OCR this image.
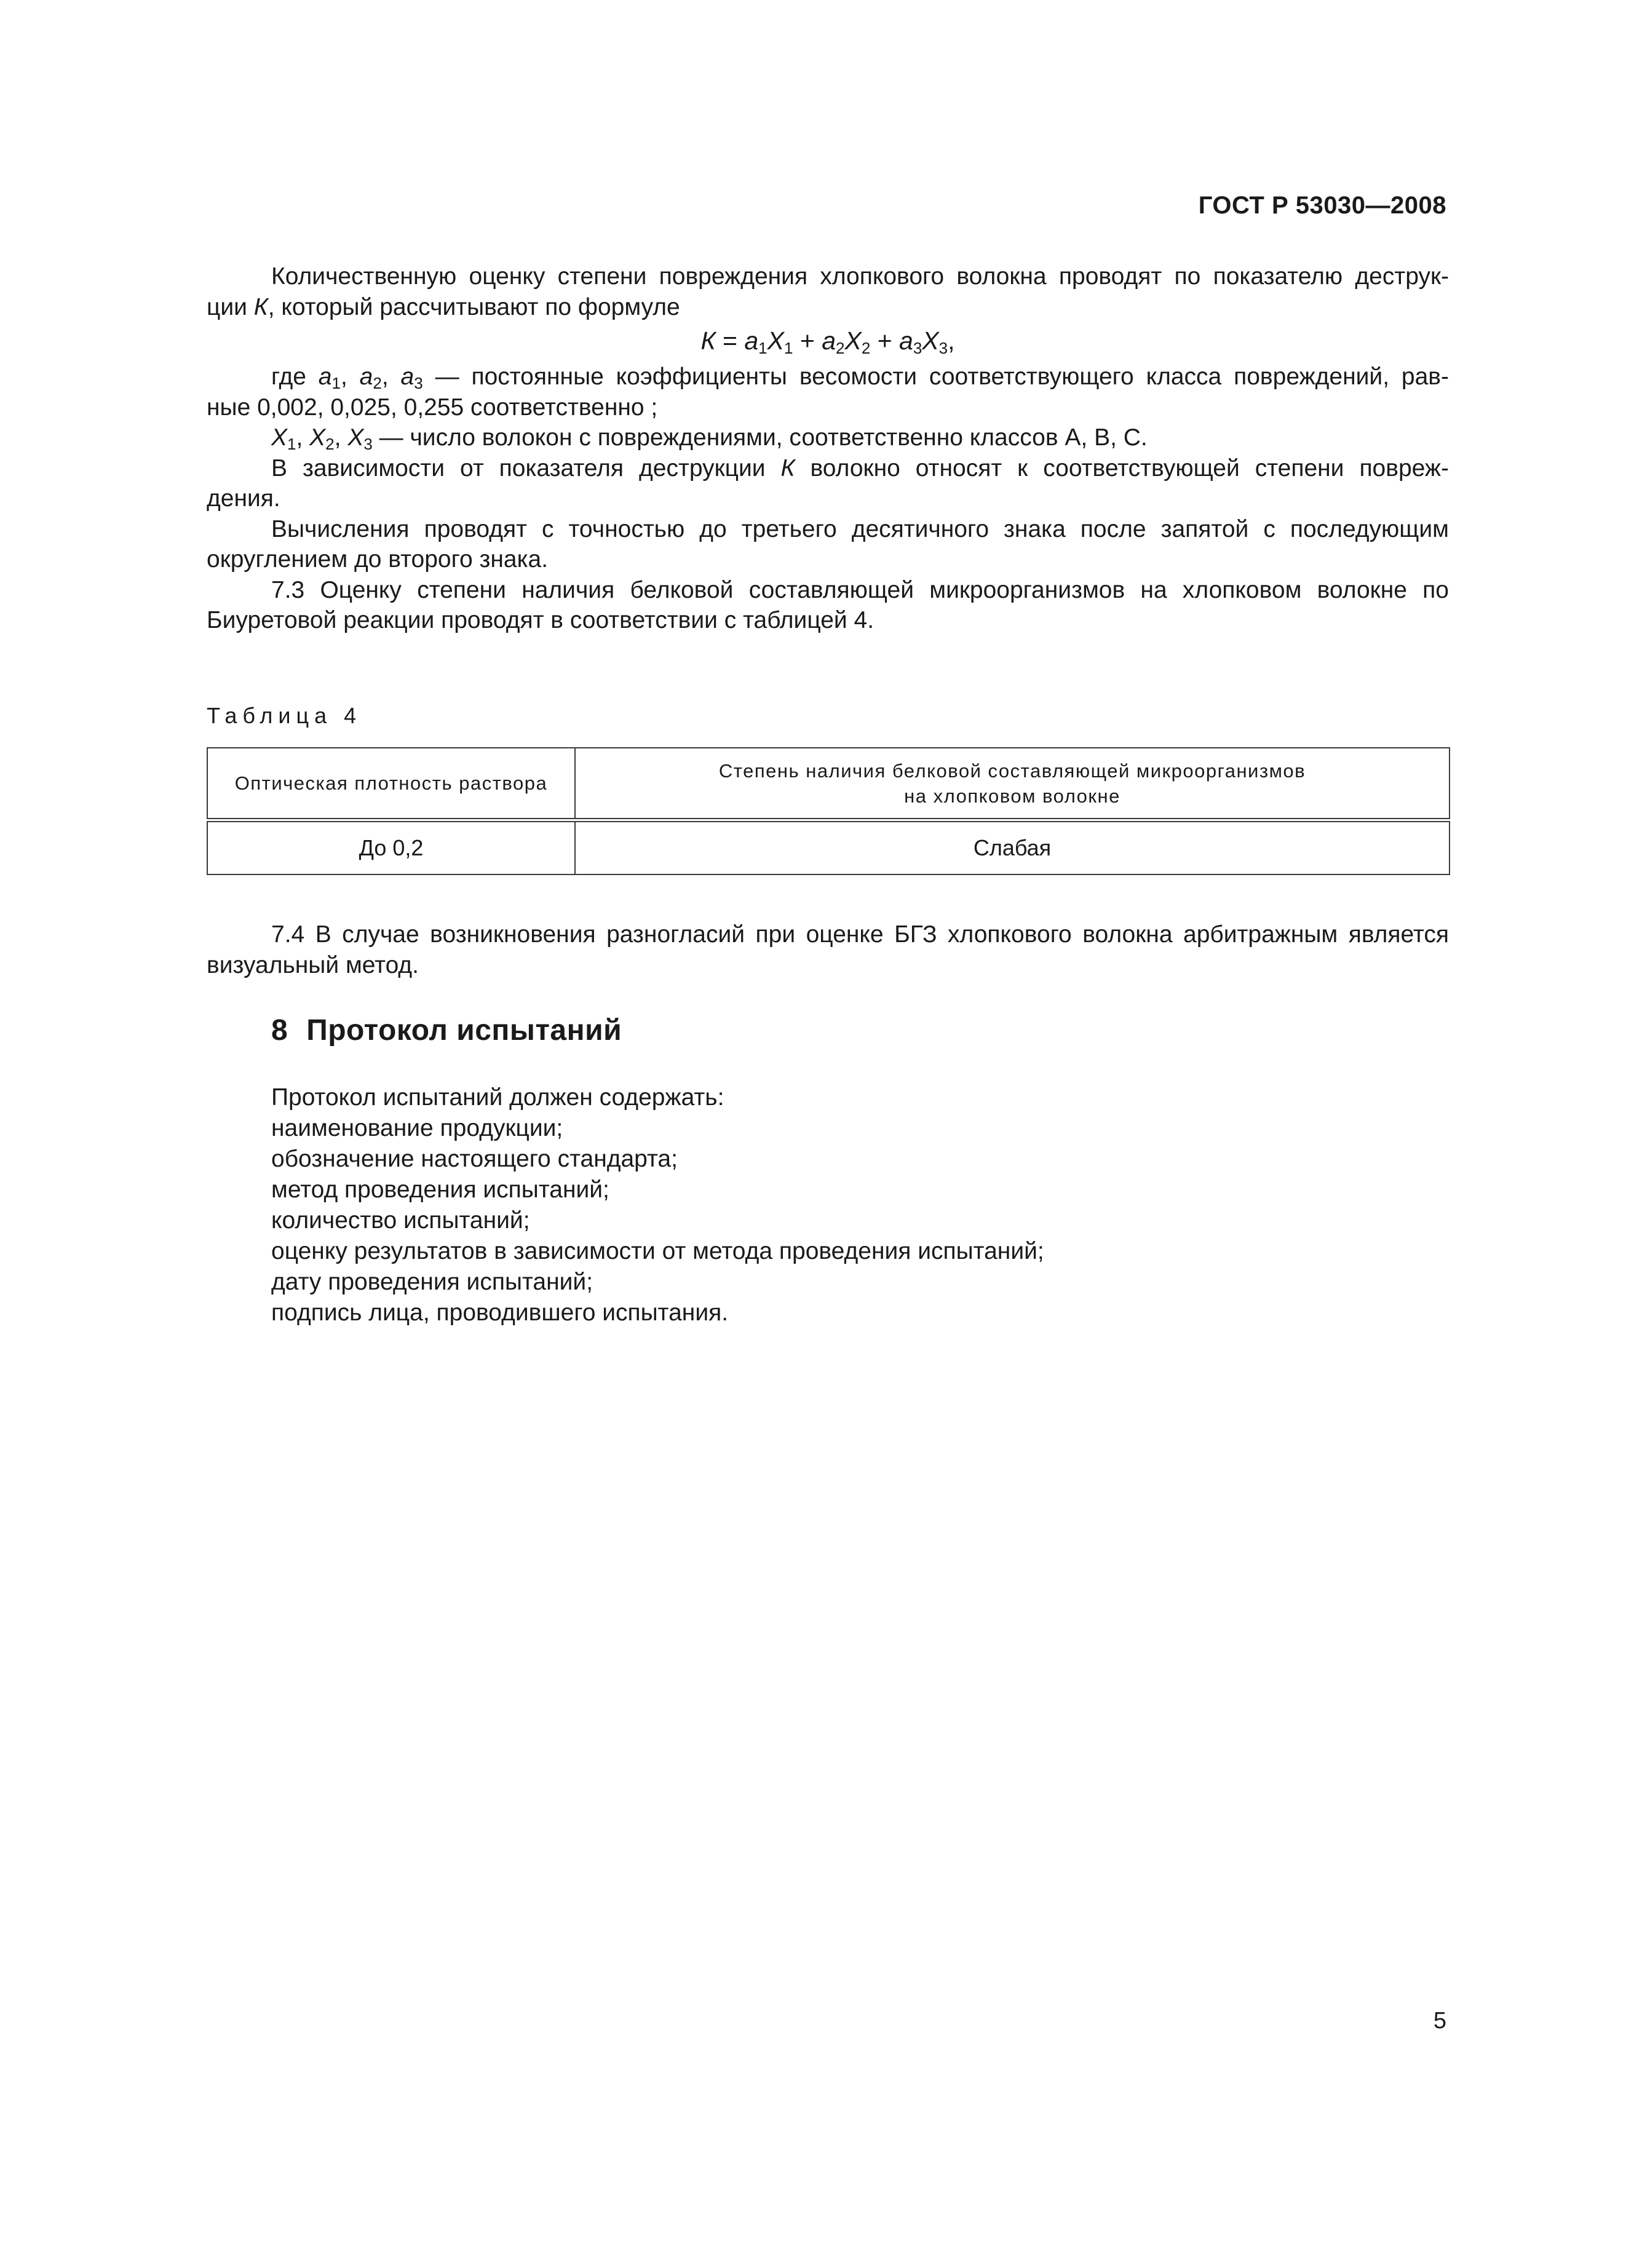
ГОСТ Р 53030—2008

Количественную оценку степени повреждения хлопкового волокна проводят по показателю деструк-

ции К, который рассчитывают по формуле

$К = a_1X_1 + a_2X_2 + a_3X_3$,

где $a_1$, $a_2$, $a_3$ — постоянные коэффициенты весомости соответствующего класса повреждений, рав-

ные 0,002, 0,025, 0,255 соответственно ;

$X_1$, $X_2$, $X_3$ — число волокон с повреждениями, соответственно классов А, В, С.

В зависимости от показателя деструкции К волокно относят к соответствующей степени повреж-

дения.

Вычисления проводят с точностью до третьего десятичного знака после запятой с последующим

округлением до второго знака.

7.3 Оценку степени наличия белковой составляющей микроорганизмов на хлопковом волокне по

Биуретовой реакции проводят в соответствии с таблицей 4.

Таблица 4
Оптическая плотность раствора	Степень наличия белковой составляющей микроорганизмов
на хлопковом волокне

До 0,2	Слабая

7.4 В случае возникновения разногласий при оценке БГЗ хлопкового волокна арбитражным является

визуальный метод.

8 Протокол испытаний
Протокол испытаний должен содержать:
наименование продукции;
обозначение настоящего стандарта;
метод проведения испытаний;
количество испытаний;
оценку результатов в зависимости от метода проведения испытаний;
дату проведения испытаний;
подпись лица, проводившего испытания.
5
